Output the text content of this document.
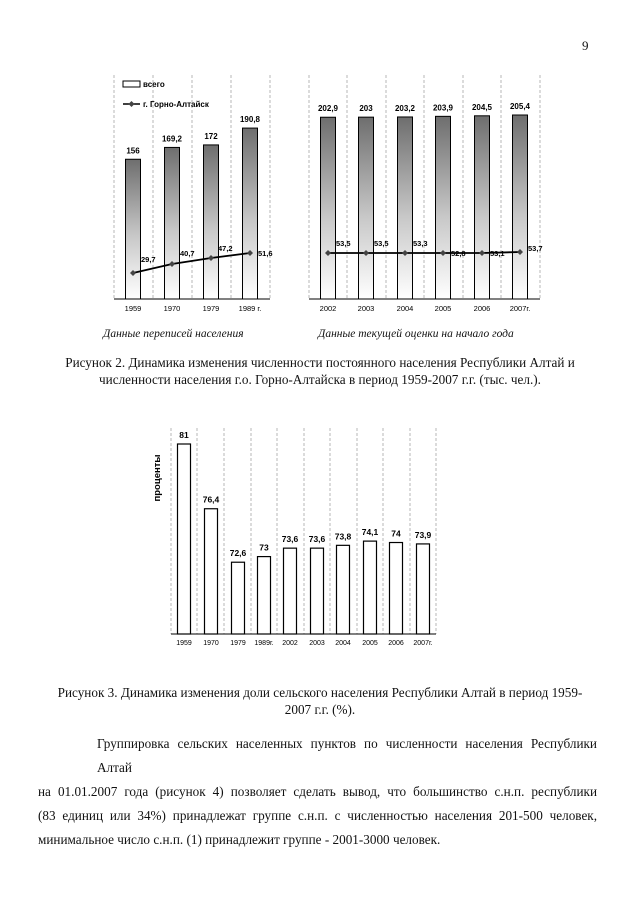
9
156
1959
169,2
1970
172
1979
190,8
1989 г.
202,9
2002
203
2003
203,2
2004
203,9
2005
204,5
2006
205,4
2007г.
29,7
40,7
47,2
51,6
53,5	53,5	53,3
52,8	53,1
53,7
всего
г. Горно-Алтайск
Данные переписей населения	Данные текущей оценки на начало года
Рисунок 2. Динамика изменения численности постоянного населения Республики Алтай и
численности населения г.о. Горно-Алтайска в период 1959-2007 г.г. (тыс. чел.).
81
1959
76,4
1970
72,6
1979
73
1989г.
73,6
2002
73,6
2003
73,8
2004
74,1
2005
74
2006
73,9
2007г.
проценты
Рисунок 3. Динамика изменения доли сельского населения Республики Алтай в период 1959-
2007 г.г. (%).
Группировка сельских населенных пунктов по численности населения Республики Алтай
на 01.01.2007 года (рисунок 4) позволяет сделать вывод, что большинство с.н.п. республики
(83 единиц или 34%) принадлежат группе с.н.п. с численностью населения 201-500 человек,
минимальное число с.н.п. (1) принадлежит группе - 2001-3000 человек.
